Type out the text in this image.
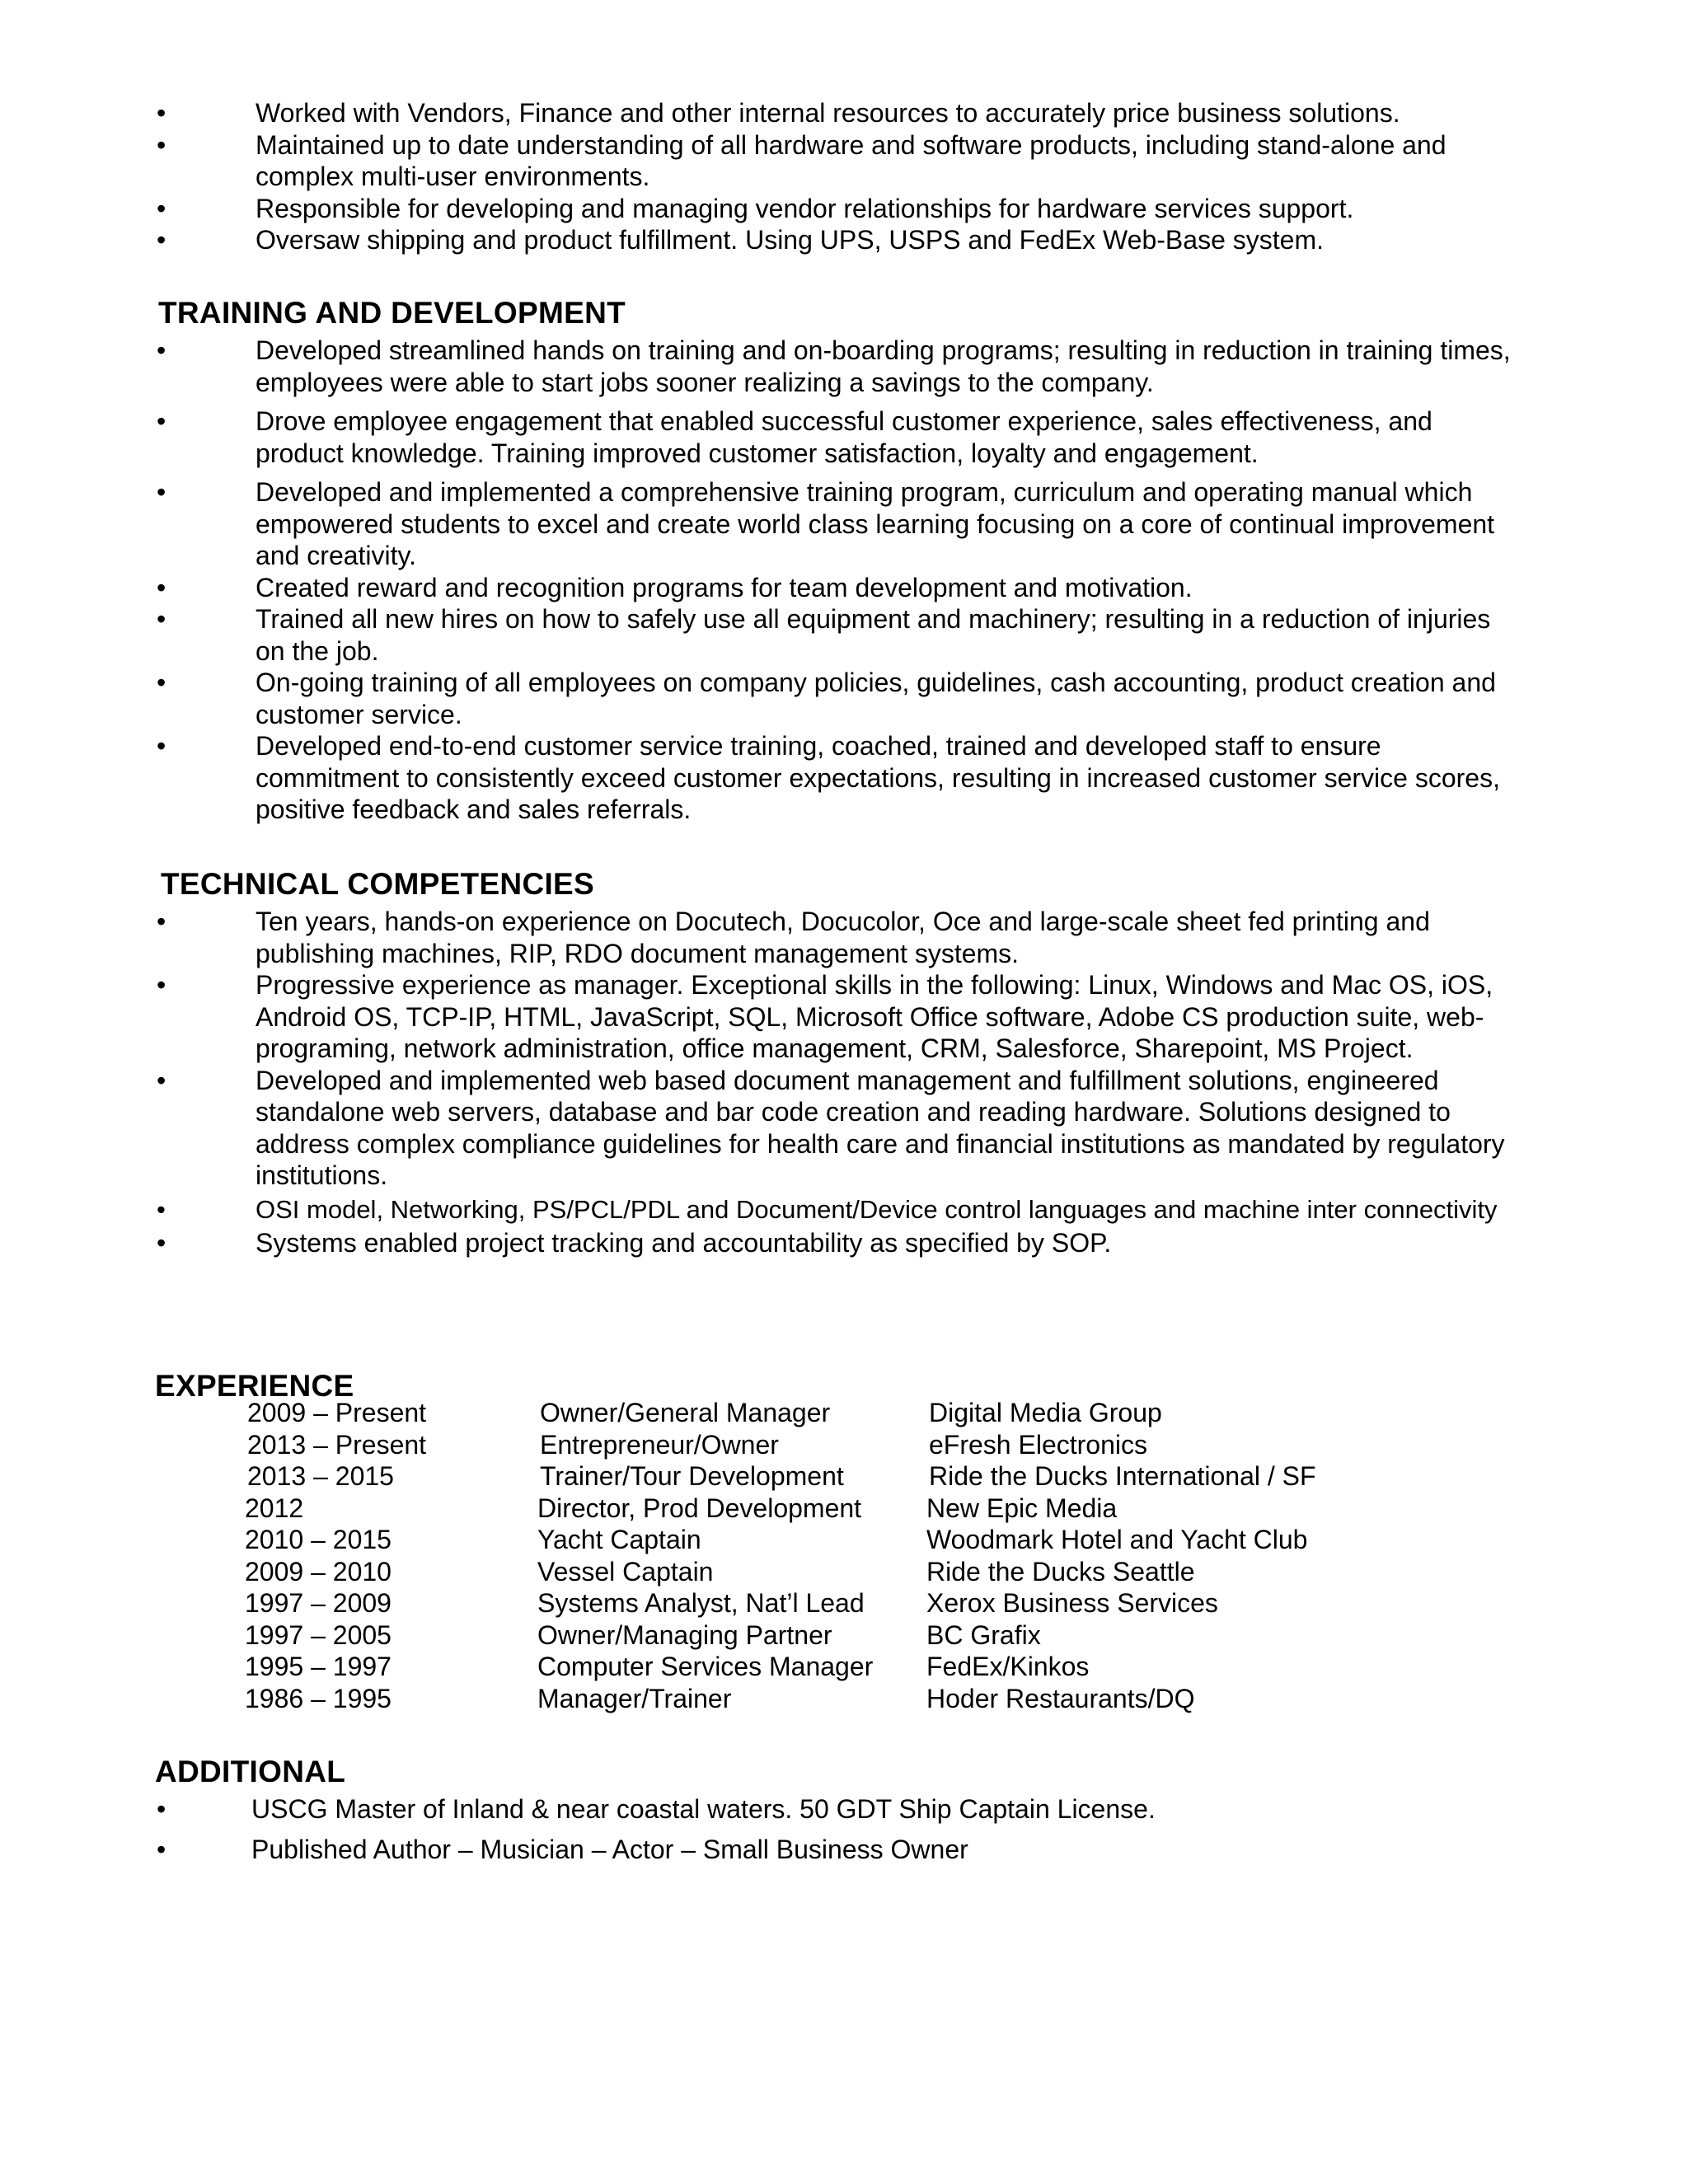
•	Worked with Vendors, Finance and other internal resources to accurately price business solutions.
•	Maintained up to date understanding of all hardware and software products, including stand-alone and complex multi-user environments.
•	Responsible for developing and managing vendor relationships for hardware services support.
•	Oversaw shipping and product fulfillment. Using UPS, USPS and FedEx Web-Base system.
TRAINING AND DEVELOPMENT
•	Developed streamlined hands on training and on-boarding programs; resulting in reduction in training times, employees were able to start jobs sooner realizing a savings to the company.
•	Drove employee engagement that enabled successful customer experience, sales effectiveness, and product knowledge. Training improved customer satisfaction, loyalty and engagement.
•	Developed and implemented a comprehensive training program, curriculum and operating manual which empowered students to excel and create world class learning focusing on a core of continual improvement and creativity.
•	Created reward and recognition programs for team development and motivation.
•	Trained all new hires on how to safely use all equipment and machinery; resulting in a reduction of injuries on the job.
•	On-going training of all employees on company policies, guidelines, cash accounting, product creation and customer service.
•	Developed end-to-end customer service training, coached, trained and developed staff to ensure commitment to consistently exceed customer expectations, resulting in increased customer service scores, positive feedback and sales referrals.
TECHNICAL COMPETENCIES
•	Ten years, hands-on experience on Docutech, Docucolor, Oce and large-scale sheet fed printing and publishing machines, RIP, RDO document management systems.
•	Progressive experience as manager. Exceptional skills in the following: Linux, Windows and Mac OS, iOS, Android OS, TCP-IP, HTML, JavaScript, SQL, Microsoft Office software, Adobe CS production suite, web-programing, network administration, office management, CRM, Salesforce, Sharepoint, MS Project.
•	Developed and implemented web based document management and fulfillment solutions, engineered standalone web servers, database and bar code creation and reading hardware. Solutions designed to address complex compliance guidelines for health care and financial institutions as mandated by regulatory institutions.
•	OSI model, Networking, PS/PCL/PDL and Document/Device control languages and machine inter connectivity
•	Systems enabled project tracking and accountability as specified by SOP.
EXPERIENCE
2009 – Present	Owner/General Manager	Digital Media Group
2013 – Present	Entrepreneur/Owner	eFresh Electronics
2013 – 2015	Trainer/Tour Development	Ride the Ducks International / SF
2012	Director, Prod Development	New Epic Media
2010 – 2015	Yacht Captain	Woodmark Hotel and Yacht Club
2009 – 2010	Vessel Captain	Ride the Ducks Seattle
1997 – 2009	Systems Analyst, Nat’l Lead	Xerox Business Services
1997 – 2005	Owner/Managing Partner	BC Grafix
1995 – 1997	Computer Services Manager	FedEx/Kinkos
1986 – 1995	Manager/Trainer	Hoder Restaurants/DQ
ADDITIONAL
•	USCG Master of Inland & near coastal waters. 50 GDT Ship Captain License.
•	Published Author – Musician – Actor – Small Business Owner
